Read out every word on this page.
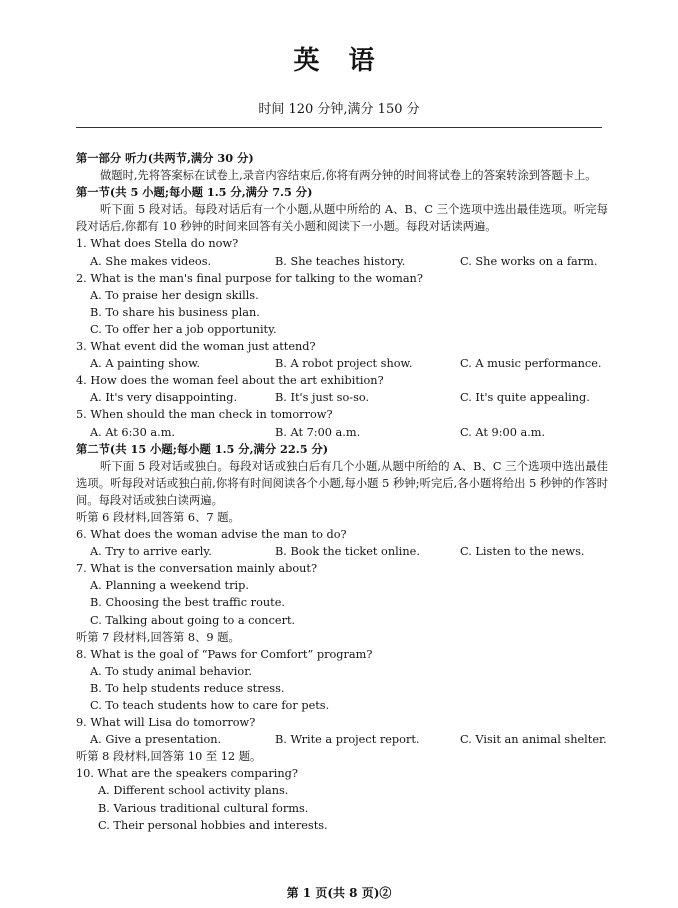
英 语
时间 120 分钟,满分 150 分

第一部分 听力(共两节,满分 30 分)

做题时,先将答案标在试卷上,录音内容结束后,你将有两分钟的时间将试卷上的答案转涂到答题卡上。

第一节(共 5 小题;每小题 1.5 分,满分 7.5 分)

听下面 5 段对话。每段对话后有一个小题,从题中所给的 A、B、C 三个选项中选出最佳选项。听完每段对话后,你都有 10 秒钟的时间来回答有关小题和阅读下一小题。每段对话读两遍。

1. What does Stella do now?

A. She makes videos.	B. She teaches history.	C. She works on a farm.

2. What is the man's final purpose for talking to the woman?

A. To praise her design skills.

B. To share his business plan.

C. To offer her a job opportunity.

3. What event did the woman just attend?

A. A painting show.	B. A robot project show.	C. A music performance.

4. How does the woman feel about the art exhibition?

A. It's very disappointing.	B. It's just so-so.	C. It's quite appealing.

5. When should the man check in tomorrow?

A. At 6:30 a.m.	B. At 7:00 a.m.	C. At 9:00 a.m.

第二节(共 15 小题;每小题 1.5 分,满分 22.5 分)

听下面 5 段对话或独白。每段对话或独白后有几个小题,从题中所给的 A、B、C 三个选项中选出最佳选项。听每段对话或独白前,你将有时间阅读各个小题,每小题 5 秒钟;听完后,各小题将给出 5 秒钟的作答时间。每段对话或独白读两遍。

听第 6 段材料,回答第 6、7 题。

6. What does the woman advise the man to do?

A. Try to arrive early.	B. Book the ticket online.	C. Listen to the news.

7. What is the conversation mainly about?

A. Planning a weekend trip.

B. Choosing the best traffic route.

C. Talking about going to a concert.

听第 7 段材料,回答第 8、9 题。

8. What is the goal of “Paws for Comfort” program?

A. To study animal behavior.

B. To help students reduce stress.

C. To teach students how to care for pets.

9. What will Lisa do tomorrow?

A. Give a presentation.	B. Write a project report.	C. Visit an animal shelter.

听第 8 段材料,回答第 10 至 12 题。

10. What are the speakers comparing?

A. Different school activity plans.

B. Various traditional cultural forms.

C. Their personal hobbies and interests.

第 1 页(共 8 页)②
